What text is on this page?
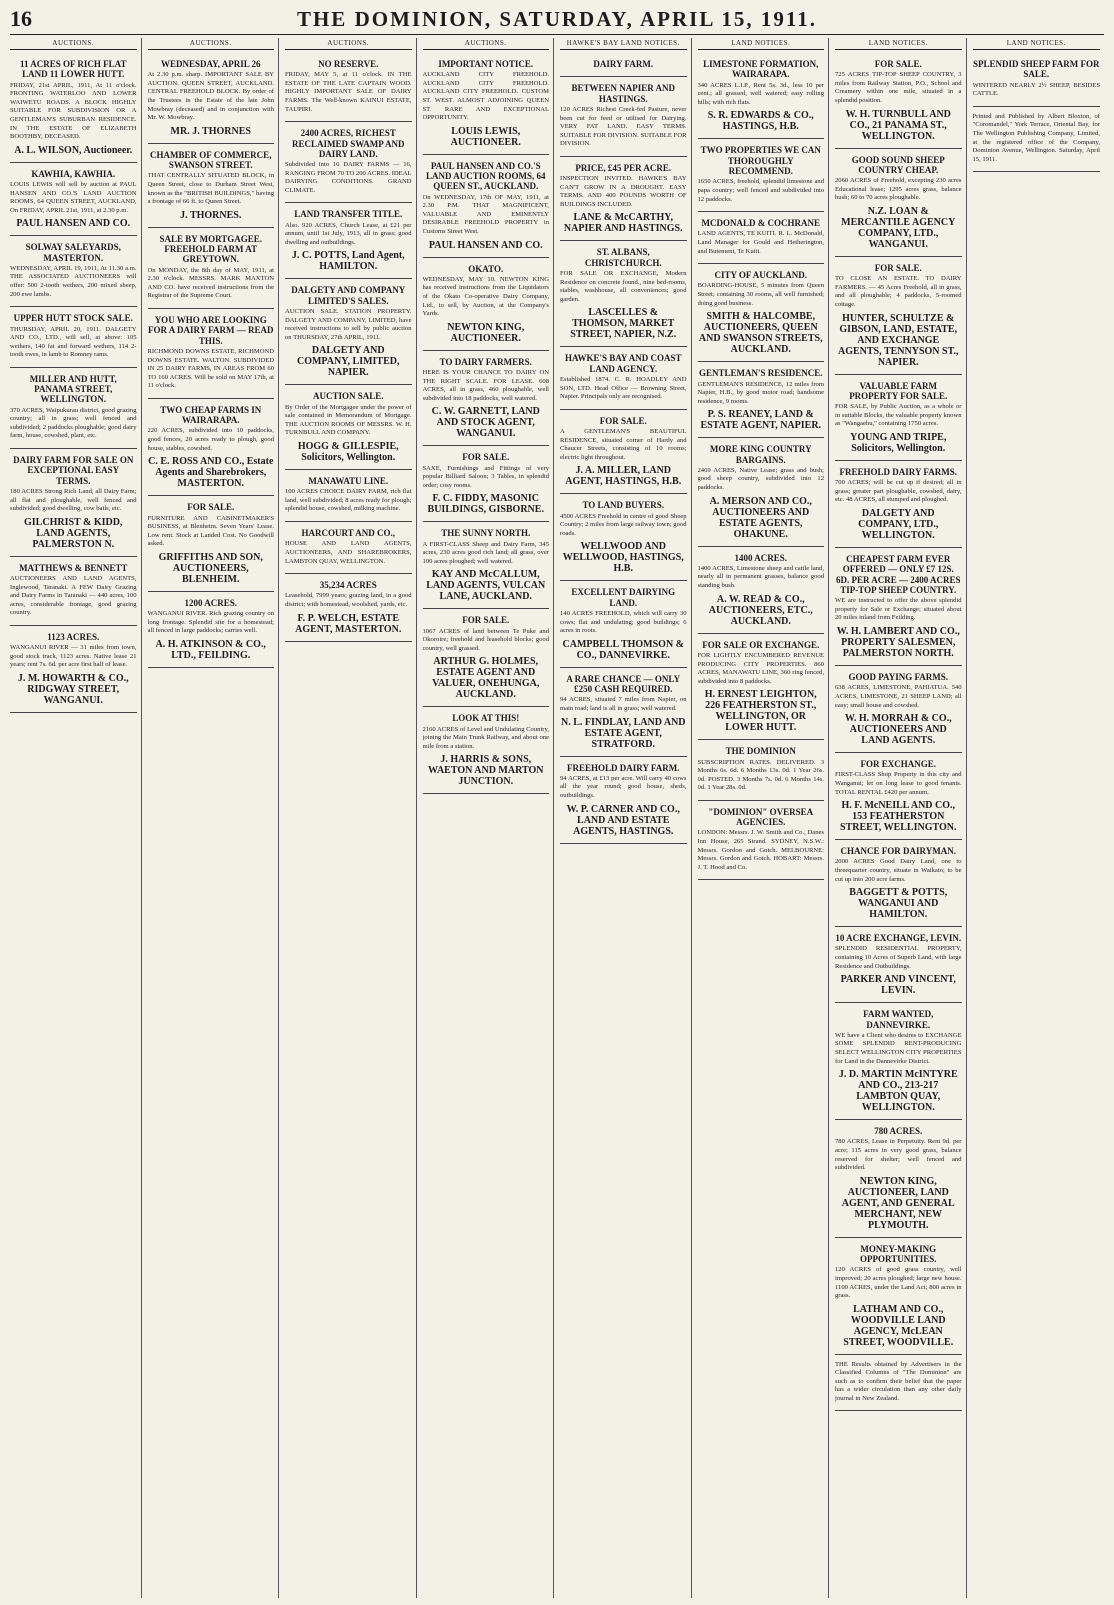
16	THE DOMINION, SATURDAY, APRIL 15, 1911.
AUCTIONS.
11 ACRES OF RICH FLAT LAND 11 LOWER HUTT.
FRIDAY, 21st APRIL, 1911, At 11 o'clock. FRONTING WATERLOO AND LOWER WAIWETU ROADS. A BLOCK HIGHLY SUITABLE FOR SUBDIVISION OR A GENTLEMAN'S SUBURBAN RESIDENCE. IN THE ESTATE OF ELIZABETH BOOTHBY, DECEASED.
A. L. WILSON, Auctioneer.
KAWHIA, KAWHIA.
LOUIS LEWIS will sell by auction at PAUL HANSEN AND CO.'S LAND AUCTION ROOMS, 64 QUEEN STREET, AUCKLAND, On FRIDAY, APRIL 21st, 1911, at 2.30 p.m.
PAUL HANSEN AND CO.
SOLWAY SALEYARDS, MASTERTON.
WEDNESDAY, APRIL 19, 1911, At 11.30 a.m. THE ASSOCIATED AUCTIONEERS will offer: 500 2-tooth wethers, 200 mixed sheep, 200 ewe lambs.
UPPER HUTT STOCK SALE.
THURSDAY, APRIL 20, 1911. DALGETY AND CO., LTD., will sell, at above: 105 wethers, 140 fat and forward wethers, 114 2-tooth ewes, in lamb to Romney rams.
MILLER AND HUTT, PANAMA STREET, WELLINGTON.
370 ACRES, Waipukurau district, good grazing country; all in grass; well fenced and subdivided; 2 paddocks ploughable; good dairy farm, house, cowshed, plant, etc.
DAIRY FARM FOR SALE ON EXCEPTIONAL EASY TERMS.
180 ACRES Strong Rich Land, all Dairy Farm; all flat and ploughable, well fenced and subdivided; good dwelling, cow bails, etc.
GILCHRIST & KIDD, LAND AGENTS, PALMERSTON N.
MATTHEWS & BENNETT
AUCTIONEERS AND LAND AGENTS, Inglewood, Taranaki. A FEW Dairy Grazing and Dairy Farms in Taranaki — 440 acres, 100 acres, considerable frontage, good grazing country.
1123 ACRES.
WANGANUI RIVER — 31 miles from town, good stock track, 1123 acres. Native lease 21 years; rent 7s. 6d. per acre first half of lease.
J. M. HOWARTH & CO., RIDGWAY STREET, WANGANUI.
AUCTIONS.
WEDNESDAY, APRIL 26
At 2.30 p.m. sharp. IMPORTANT SALE BY AUCTION. QUEEN STREET, AUCKLAND. CENTRAL FREEHOLD BLOCK. By order of the Trustees in the Estate of the late John Mowbray (deceased) and in conjunction with Mr. W. Mowbray.
MR. J. THORNES
CHAMBER OF COMMERCE, SWANSON STREET.
THAT CENTRALLY SITUATED BLOCK, in Queen Street, close to Durham Street West, known as the "BRITISH BUILDINGS," having a frontage of 66 ft. to Queen Street.
J. THORNES.
SALE BY MORTGAGEE. FREEHOLD FARM AT GREYTOWN.
On MONDAY, the 8th day of MAY, 1911, at 2.30 o'clock. MESSRS. MARK MAXTON AND CO. have received instructions from the Registrar of the Supreme Court.
YOU WHO ARE LOOKING FOR A DAIRY FARM — READ THIS.
RICHMOND DOWNS ESTATE, RICHMOND DOWNS ESTATE. WALTON. SUBDIVIDED IN 25 DAIRY FARMS, IN AREAS FROM 60 TO 160 ACRES. Will be sold on MAY 17th, at 11 o'clock.
TWO CHEAP FARMS IN WAIRARAPA.
220 ACRES, subdivided into 10 paddocks, good fences, 20 acres ready to plough, good house, stables, cowshed.
C. E. ROSS AND CO., Estate Agents and Sharebrokers, MASTERTON.
FOR SALE.
FURNITURE AND CABINETMAKER'S BUSINESS, at Blenheim. Seven Years' Lease. Low rent. Stock at Landed Cost. No Goodwill asked.
GRIFFITHS AND SON, AUCTIONEERS, BLENHEIM.
1200 ACRES.
WANGANUI RIVER. Rich grazing country on long frontage. Splendid site for a homestead; all fenced in large paddocks; carries well.
A. H. ATKINSON & CO., LTD., FEILDING.
AUCTIONS.
NO RESERVE.
FRIDAY, MAY 5, at 11 o'clock. IN THE ESTATE OF THE LATE CAPTAIN WOOD. HIGHLY IMPORTANT SALE OF DAIRY FARMS. The Well-known KAINUI ESTATE, TAUPIRI.
2400 ACRES, RICHEST RECLAIMED SWAMP AND DAIRY LAND.
Subdivided into 16 DAIRY FARMS — 16, RANGING FROM 70 TO 200 ACRES. IDEAL DAIRYING CONDITIONS. GRAND CLIMATE.
LAND TRANSFER TITLE.
Also. 920 ACRES, Church Lease, at £21 per annum, until 1st July, 1913, all in grass; good dwelling and outbuildings.
J. C. POTTS, Land Agent, HAMILTON.
DALGETY AND COMPANY LIMITED'S SALES.
AUCTION SALE. STATION PROPERTY. DALGETY AND COMPANY, LIMITED, have received instructions to sell by public auction on THURSDAY, 27th APRIL, 1911.
DALGETY AND COMPANY, LIMITED, NAPIER.
AUCTION SALE.
By Order of the Mortgagee under the power of sale contained in Memorandum of Mortgage. THE AUCTION ROOMS OF MESSRS. W. H. TURNBULL AND COMPANY.
HOGG & GILLESPIE, Solicitors, Wellington.
MANAWATU LINE.
100 ACRES CHOICE DAIRY FARM, rich flat land, well subdivided; 8 acres ready for plough; splendid house, cowshed, milking machine.
HARCOURT AND CO.,
HOUSE AND LAND AGENTS, AUCTIONEERS, AND SHAREBROKERS, LAMBTON QUAY, WELLINGTON.
35,234 ACRES
Leasehold, 7999 years; grazing land, in a good district; with homestead, woolshed, yards, etc.
F. P. WELCH, ESTATE AGENT, MASTERTON.
AUCTIONS.
IMPORTANT NOTICE.
AUCKLAND CITY FREEHOLD. AUCKLAND CITY FREEHOLD. AUCKLAND CITY FREEHOLD. CUSTOM ST. WEST. ALMOST ADJOINING QUEEN ST. RARE AND EXCEPTIONAL OPPORTUNITY.
LOUIS LEWIS, AUCTIONEER.
PAUL HANSEN AND CO.'S LAND AUCTION ROOMS, 64 QUEEN ST., AUCKLAND.
On WEDNESDAY, 17th OF MAY, 1911, at 2.30 P.M. THAT MAGNIFICENT, VALUABLE AND EMINENTLY DESIRABLE FREEHOLD PROPERTY in Customs Street West.
PAUL HANSEN AND CO.
OKATO.
WEDNESDAY, MAY 10. NEWTON KING has received instructions from the Liquidators of the Okato Co-operative Dairy Company, Ltd., to sell, by Auction, at the Company's Yards.
NEWTON KING, AUCTIONEER.
TO DAIRY FARMERS.
HERE IS YOUR CHANCE TO DAIRY ON THE RIGHT SCALE. FOR LEASE. 608 ACRES, all in grass, 460 ploughable, well subdivided into 18 paddocks, well watered.
C. W. GARNETT, LAND AND STOCK AGENT, WANGANUI.
FOR SALE.
SAXE, Furnishings and Fittings of very popular Billiard Saloon; 3 Tables, in splendid order; cosy rooms.
F. C. FIDDY, MASONIC BUILDINGS, GISBORNE.
THE SUNNY NORTH.
A FIRST-CLASS Sheep and Dairy Farm, 345 acres, 230 acres good rich land; all grass, over 100 acres ploughed; well watered.
KAY AND McCALLUM, LAND AGENTS, VULCAN LANE, AUCKLAND.
FOR SALE.
1067 ACRES of land between Te Puke and Okoroire; freehold and leasehold blocks; good country, well grassed.
ARTHUR G. HOLMES, ESTATE AGENT AND VALUER, ONEHUNGA, AUCKLAND.
LOOK AT THIS!
2160 ACRES of Level and Undulating Country, joining the Main Trunk Railway, and about one mile from a station.
J. HARRIS & SONS, WAETON AND MARTON JUNCTION.
HAWKE'S BAY LAND NOTICES.
DAIRY FARM.
BETWEEN NAPIER AND HASTINGS.
120 ACRES Richest Creek-fed Pasture, never been cut for feed or utilised for Dairying. VERY FAT LAND. EASY TERMS. SUITABLE FOR DIVISION. SUITABLE FOR DIVISION.
PRICE, £45 PER ACRE.
INSPECTION INVITED. HAWKE'S BAY CAN'T GROW IN A DROUGHT. EASY TERMS. AND 400 POUNDS WORTH OF BUILDINGS INCLUDED.
LANE & McCARTHY, NAPIER AND HASTINGS.
ST. ALBANS, CHRISTCHURCH.
FOR SALE OR EXCHANGE, Modern Residence on concrete found., nine bed-rooms, stables, washhouse, all conveniences; good garden.
LASCELLES & THOMSON, MARKET STREET, NAPIER, N.Z.
HAWKE'S BAY AND COAST LAND AGENCY.
Established 1874. C. R. HOADLEY AND SON, LTD. Head Office — Browning Street, Napier. Principals only are recognised.
FOR SALE.
A GENTLEMAN'S BEAUTIFUL RESIDENCE, situated corner of Hardy and Chaucer Streets, consisting of 10 rooms; electric light throughout.
J. A. MILLER, LAND AGENT, HASTINGS, H.B.
TO LAND BUYERS.
4500 ACRES Freehold in centre of good Sheep Country; 2 miles from large railway town; good roads.
WELLWOOD AND WELLWOOD, HASTINGS, H.B.
EXCELLENT DAIRYING LAND.
140 ACRES FREEHOLD, which will carry 30 cows; flat and undulating; good buildings; 6 acres in roots.
CAMPBELL THOMSON & CO., DANNEVIRKE.
A RARE CHANCE — ONLY £250 CASH REQUIRED.
94 ACRES, situated 7 miles from Napier, on main road; land is all in grass; well watered.
N. L. FINDLAY, LAND AND ESTATE AGENT, STRATFORD.
FREEHOLD DAIRY FARM.
94 ACRES, at £13 per acre. Will carry 40 cows all the year round; good house, sheds, outbuildings.
W. P. CARNER AND CO., LAND AND ESTATE AGENTS, HASTINGS.
LAND NOTICES.
LIMESTONE FORMATION, WAIRARAPA.
340 ACRES L.I.P., Rent 5s. 3d., less 10 per cent.; all grassed, well watered; easy rolling hills; with rich flats.
S. R. EDWARDS & CO., HASTINGS, H.B.
TWO PROPERTIES WE CAN THOROUGHLY RECOMMEND.
1650 ACRES, freehold, splendid limestone and papa country; well fenced and subdivided into 12 paddocks.
MCDONALD & COCHRANE
LAND AGENTS, TE KUITI. R. L. McDonald, Land Manager for Gould and Hetherington, and Butement, Te Kuiti.
CITY OF AUCKLAND.
BOARDING-HOUSE, 5 minutes from Queen Street; containing 30 rooms, all well furnished; doing good business.
SMITH & HALCOMBE, AUCTIONEERS, QUEEN AND SWANSON STREETS, AUCKLAND.
GENTLEMAN'S RESIDENCE.
GENTLEMAN'S RESIDENCE, 12 miles from Napier, H.B., by good motor road; handsome residence, 9 rooms.
P. S. REANEY, LAND & ESTATE AGENT, NAPIER.
MORE KING COUNTRY BARGAINS.
2469 ACRES, Native Lease; grass and bush; good sheep country, subdivided into 12 paddocks.
A. MERSON AND CO., AUCTIONEERS AND ESTATE AGENTS, OHAKUNE.
1400 ACRES.
1400 ACRES, Limestone sheep and cattle land, nearly all in permanent grasses, balance good standing bush.
A. W. READ & CO., AUCTIONEERS, ETC., AUCKLAND.
FOR SALE OR EXCHANGE.
FOR LIGHTLY ENCUMBERED REVENUE PRODUCING CITY PROPERTIES. 860 ACRES, MANAWATU LINE, 360 ring fenced, subdivided into 8 paddocks.
H. ERNEST LEIGHTON, 226 FEATHERSTON ST., WELLINGTON, OR LOWER HUTT.
THE DOMINION
SUBSCRIPTION RATES. DELIVERED. 3 Months 6s. 6d. 6 Months 13s. 0d. 1 Year 26s. 0d. POSTED. 3 Months 7s. 0d. 6 Months 14s. 0d. 1 Year 28s. 0d.
"DOMINION" OVERSEA AGENCIES.
LONDON: Messrs. J. W. Smith and Co., Danes Inn House, 265 Strand. SYDNEY, N.S.W.: Messrs. Gordon and Gotch. MELBOURNE: Messrs. Gordon and Gotch. HOBART: Messrs. J. T. Hood and Co.
LAND NOTICES.
FOR SALE.
725 ACRES TIP-TOP SHEEP COUNTRY, 3 miles from Railway Station, P.O., School and Creamery within one mile, situated in a splendid position.
W. H. TURNBULL AND CO., 21 PANAMA ST., WELLINGTON.
GOOD SOUND SHEEP COUNTRY CHEAP.
2060 ACRES of Freehold, excepting 230 acres Educational lease; 1295 acres grass, balance bush; 60 to 70 acres ploughable.
N.Z. LOAN & MERCANTILE AGENCY COMPANY, LTD., WANGANUI.
FOR SALE.
TO CLOSE AN ESTATE. TO DAIRY FARMERS. — 45 Acres Freehold, all in grass, and all ploughable; 4 paddocks, 5-roomed cottage.
HUNTER, SCHULTZE & GIBSON, LAND, ESTATE, AND EXCHANGE AGENTS, TENNYSON ST., NAPIER.
VALUABLE FARM PROPERTY FOR SALE.
FOR SALE, by Public Auction, as a whole or in suitable Blocks, the valuable property known as "Wangaehu," containing 1750 acres.
YOUNG AND TRIPE, Solicitors, Wellington.
FREEHOLD DAIRY FARMS.
700 ACRES; will be cut up if desired; all in grass; greater part ploughable, cowshed, dairy, etc. 48 ACRES, all stumped and ploughed.
DALGETY AND COMPANY, LTD., WELLINGTON.
CHEAPEST FARM EVER OFFERED — ONLY £7 12S. 6D. PER ACRE — 2400 ACRES TIP-TOP SHEEP COUNTRY.
WE are instructed to offer the above splendid property for Sale or Exchange; situated about 20 miles inland from Feilding.
W. H. LAMBERT AND CO., PROPERTY SALESMEN, PALMERSTON NORTH.
GOOD PAYING FARMS.
638 ACRES, LIMESTONE, PAHIATUA. 540 ACRES, LIMESTONE, 21 SHEEP LAND; all easy; small house and cowshed.
W. H. MORRAH & CO., AUCTIONEERS AND LAND AGENTS.
FOR EXCHANGE.
FIRST-CLASS Shop Property in this city and Wanganui; let on long lease to good tenants. TOTAL RENTAL £420 per annum.
H. F. McNEILL AND CO., 153 FEATHERSTON STREET, WELLINGTON.
CHANCE FOR DAIRYMAN.
2000 ACRES Good Dairy Land, one to threequarter country, situate in Waikato; to be cut up into 200 acre farms.
BAGGETT & POTTS, WANGANUI AND HAMILTON.
10 ACRE EXCHANGE, LEVIN.
SPLENDID RESIDENTIAL PROPERTY, containing 10 Acres of Superb Land, with large Residence and Outbuildings.
PARKER AND VINCENT, LEVIN.
FARM WANTED, DANNEVIRKE.
WE have a Client who desires to EXCHANGE SOME SPLENDID RENT-PRODUCING SELECT WELLINGTON CITY PROPERTIES for Land in the Dannevirke District.
J. D. MARTIN McINTYRE AND CO., 213-217 LAMBTON QUAY, WELLINGTON.
780 ACRES.
780 ACRES, Lease in Perpetuity. Rent 9d. per acre; 115 acres in very good grass, balance reserved for shelter; well fenced and subdivided.
NEWTON KING, AUCTIONEER, LAND AGENT, AND GENERAL MERCHANT, NEW PLYMOUTH.
MONEY-MAKING OPPORTUNITIES.
120 ACRES of good grass country, well improved; 20 acres ploughed; large new house. 1100 ACRES, under the Land Act; 800 acres in grass.
LATHAM AND CO., WOODVILLE LAND AGENCY, McLEAN STREET, WOODVILLE.
THE Results obtained by Advertisers in the Classified Columns of "The Dominion" are such as to confirm their belief that the paper has a wider circulation than any other daily journal in New Zealand.
LAND NOTICES.
SPLENDID SHEEP FARM FOR SALE.
WINTERED NEARLY 2½ SHEEP, BESIDES CATTLE.
Printed and Published by Albert Bloxton, of "Coromandel," York Terrace, Oriental Bay, for The Wellington Publishing Company, Limited, at the registered office of the Company, Dominion Avenue, Wellington. Saturday, April 15, 1911.
